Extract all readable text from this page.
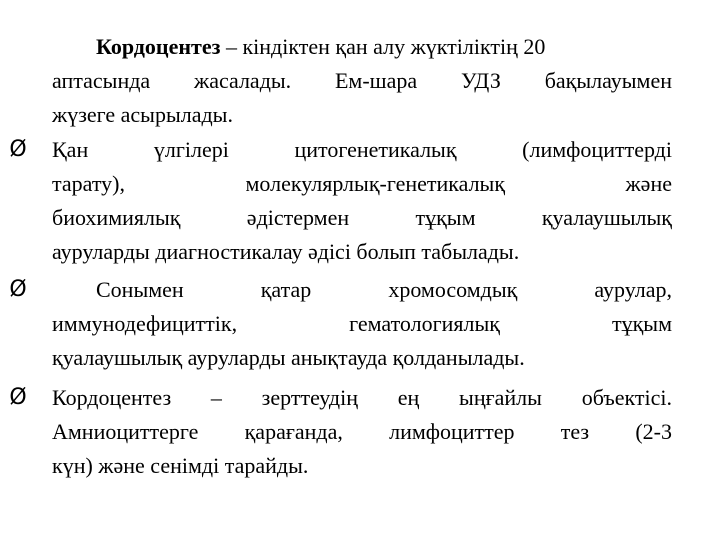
Кордоцентез – кіндіктен қан алу жүктіліктің 20
аптасында жасалады. Ем-шара УДЗ бақылауымен
жүзеге асырылады.
Ø Қан үлгілері цитогенетикалық (лимфоциттерді
тарату), молекулярлық-генетикалық және
биохимиялық әдістермен тұқым қуалаушылық
ауруларды диагностикалау әдісі болып табылады.
Ø	Сонымен қатар хромосомдық аурулар,
иммунодефициттік, гематологиялық тұқым
қуалаушылық ауруларды анықтауда қолданылады.
Ø Кордоцентез – зерттеудің ең ыңғайлы объектісі.
Амниоциттерге қарағанда, лимфоциттер тез (2-3
күн) және сенімді тарайды.
